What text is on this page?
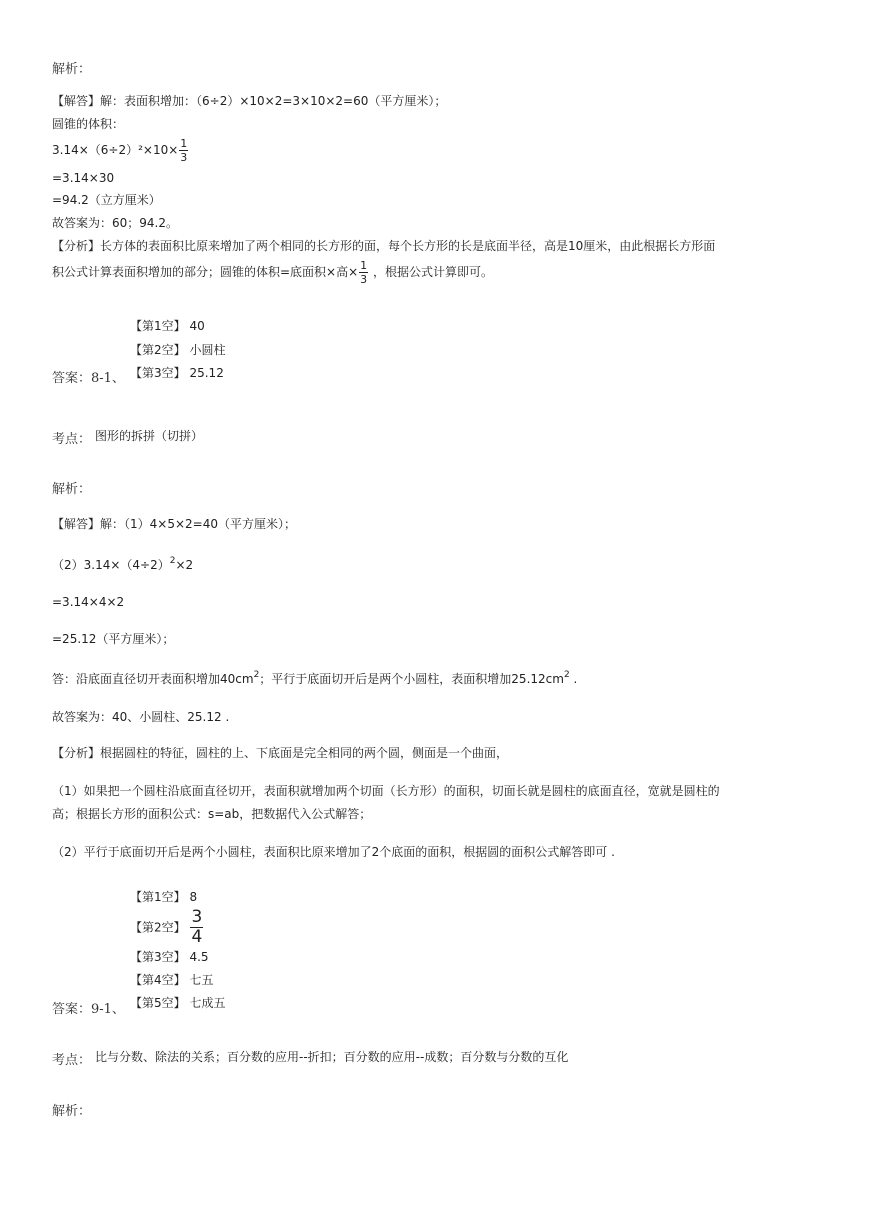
解析：
【解答】解：表面积增加：（6÷2）×10×2=3×10×2=60（平方厘米）；
圆锥的体积：
$3.14\times(6\div 2)^2\times 10\times \frac{1}{3}$
=3.14×30
=94.2（立方厘米）
故答案为：60；94.2。
【分析】长方体的表面积比原来增加了两个相同的长方形的面，每个长方形的长是底面半径，高是10厘米，由此根据长方形面
积公式计算表面积增加的部分；圆锥的体积=底面积×高× $\frac{1}{3}$ ，根据公式计算即可。
【第1空】 40
【第2空】 小圆柱
【第3空】 25.12
答案：8-1、
考点： 图形的拆拼（切拼）
解析：
【解答】解：（1）4×5×2=40（平方厘米）；
$(2)3.14\times(4\div 2)^2\times 2$
=3.14×4×2
=25.12（平方厘米）；
答：沿底面直径切开表面积增加$40cm^2$；平行于底面切开后是两个小圆柱，表面积增加$25.12cm^2$ .
故答案为：40、小圆柱、25.12 .
【分析】根据圆柱的特征，圆柱的上、下底面是完全相同的两个圆，侧面是一个曲面，
（1）如果把一个圆柱沿底面直径切开，表面积就增加两个切面（长方形）的面积，切面长就是圆柱的底面直径，宽就是圆柱的
高；根据长方形的面积公式：s=ab，把数据代入公式解答；
（2）平行于底面切开后是两个小圆柱，表面积比原来增加了2个底面的面积，根据圆的面积公式解答即可 .
【第1空】 8
【第2空】 $\frac{3}{4}$
【第3空】 4.5
【第4空】 七五
【第5空】 七成五
答案：9-1、
考点： 比与分数、除法的关系；百分数的应用--折扣；百分数的应用--成数；百分数与分数的互化
解析：
